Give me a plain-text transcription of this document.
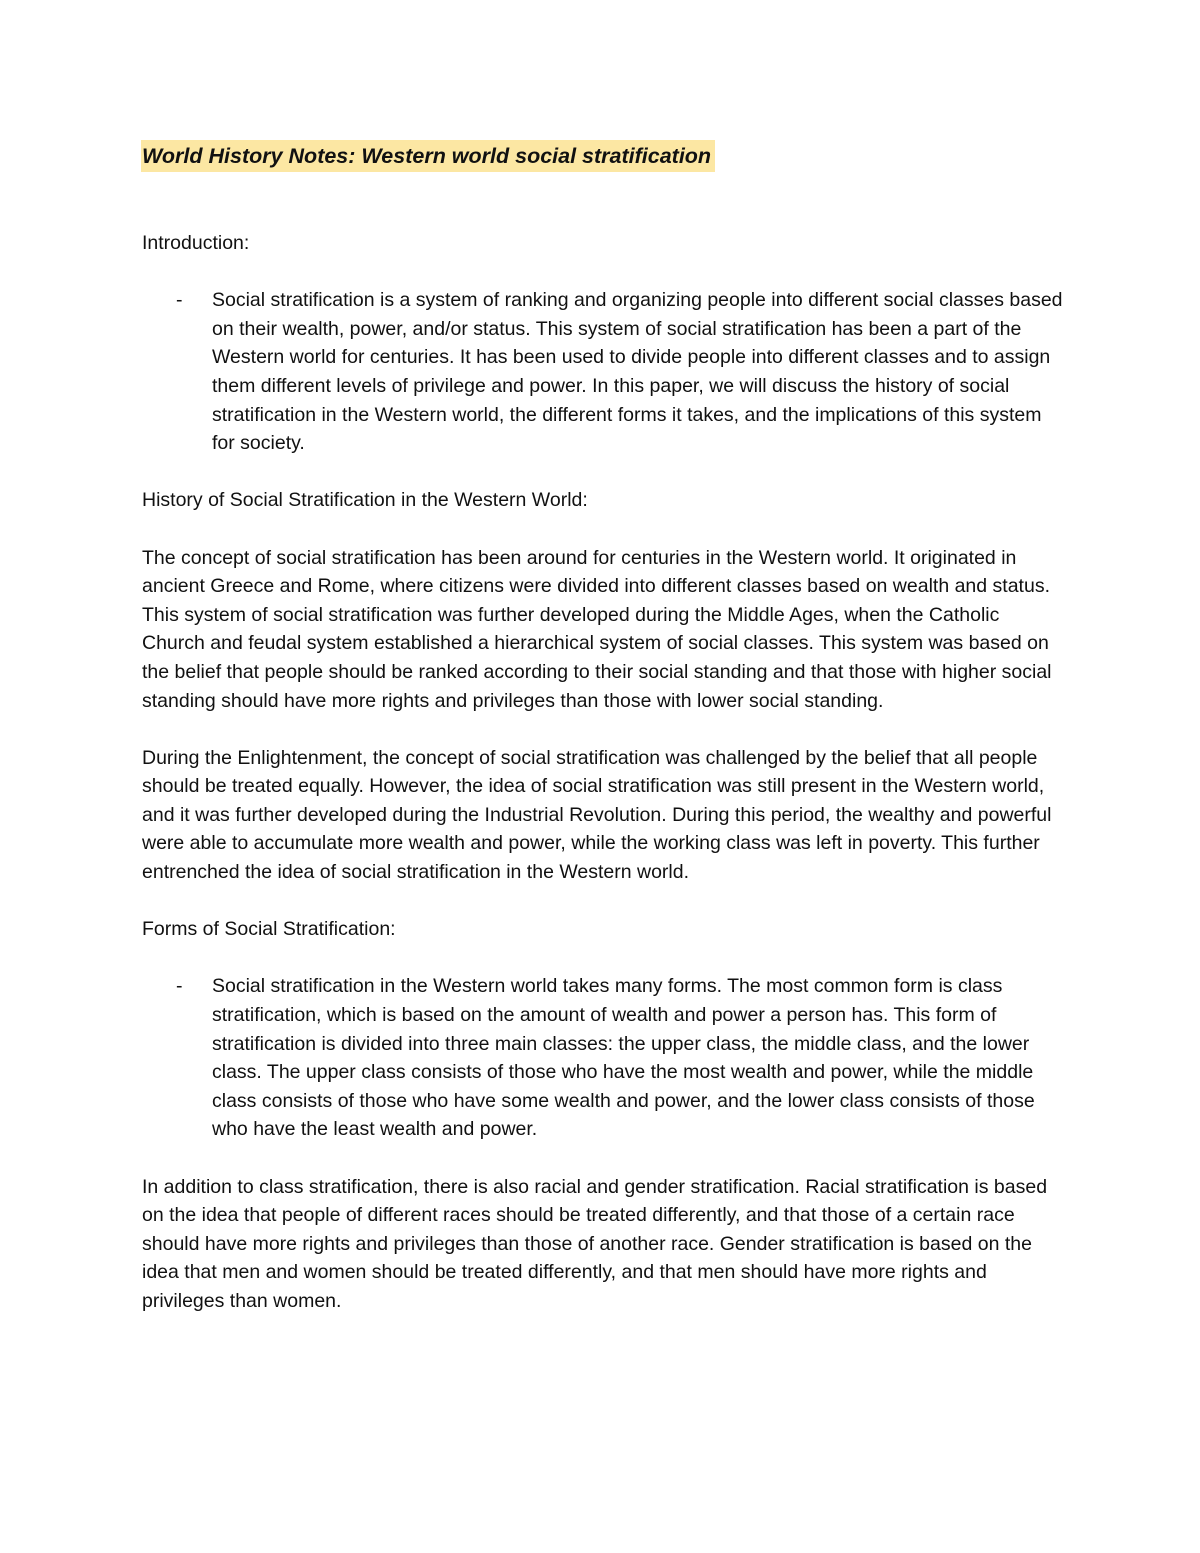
World History Notes: Western world social stratification

Introduction:

-	Social stratification is a system of ranking and organizing people into different social classes based on their wealth, power, and/or status. This system of social stratification has been a part of the Western world for centuries. It has been used to divide people into different classes and to assign them different levels of privilege and power. In this paper, we will discuss the history of social stratification in the Western world, the different forms it takes, and the implications of this system for society.

History of Social Stratification in the Western World:

The concept of social stratification has been around for centuries in the Western world. It originated in ancient Greece and Rome, where citizens were divided into different classes based on wealth and status. This system of social stratification was further developed during the Middle Ages, when the Catholic Church and feudal system established a hierarchical system of social classes. This system was based on the belief that people should be ranked according to their social standing and that those with higher social standing should have more rights and privileges than those with lower social standing.

During the Enlightenment, the concept of social stratification was challenged by the belief that all people should be treated equally. However, the idea of social stratification was still present in the Western world, and it was further developed during the Industrial Revolution. During this period, the wealthy and powerful were able to accumulate more wealth and power, while the working class was left in poverty. This further entrenched the idea of social stratification in the Western world.

Forms of Social Stratification:

-	Social stratification in the Western world takes many forms. The most common form is class stratification, which is based on the amount of wealth and power a person has. This form of stratification is divided into three main classes: the upper class, the middle class, and the lower class. The upper class consists of those who have the most wealth and power, while the middle class consists of those who have some wealth and power, and the lower class consists of those who have the least wealth and power.

In addition to class stratification, there is also racial and gender stratification. Racial stratification is based on the idea that people of different races should be treated differently, and that those of a certain race should have more rights and privileges than those of another race. Gender stratification is based on the idea that men and women should be treated differently, and that men should have more rights and privileges than women.
